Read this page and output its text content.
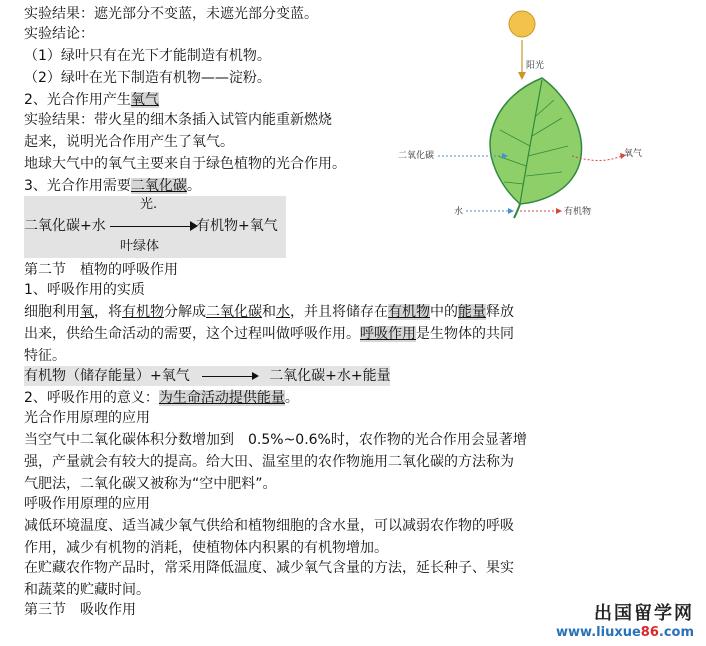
实验结果：遮光部分不变蓝，未遮光部分变蓝。
实验结论：
（1）绿叶只有在光下才能制造有机物。
（2）绿叶在光下制造有机物——淀粉。
2、光合作用产生氧气
实验结果：带火星的细木条插入试管内能重新燃烧
起来，说明光合作用产生了氧气。
地球大气中的氧气主要来自于绿色植物的光合作用。
3、光合作用需要二氧化碳。
光.
二氧化碳+水	有机物+氧气
叶绿体
第二节　植物的呼吸作用
1、呼吸作用的实质
细胞利用氧，将有机物分解成二氧化碳和水，并且将储存在有机物中的能量释放
出来，供给生命活动的需要，这个过程叫做呼吸作用。呼吸作用是生物体的共同
特征。
有机物（储存能量）+氧气	二氧化碳+水+能量
2、呼吸作用的意义：为生命活动提供能量。
光合作用原理的应用
当空气中二氧化碳体积分数增加到　0.5%~0.6%时，农作物的光合作用会显著增
强，产量就会有较大的提高。给大田、温室里的农作物施用二氧化碳的方法称为
气肥法，二氧化碳又被称为“空中肥料”。
呼吸作用原理的应用
减低环境温度、适当减少氧气供给和植物细胞的含水量，可以减弱农作物的呼吸
作用，减少有机物的消耗，使植物体内积累的有机物增加。
在贮藏农作物产品时，常采用降低温度、减少氧气含量的方法，延长种子、果实
和蔬菜的贮藏时间。
第三节　吸收作用
阳光
二氧化碳	氧气
水	有机物
出国留学网
www.liuxue86.com
